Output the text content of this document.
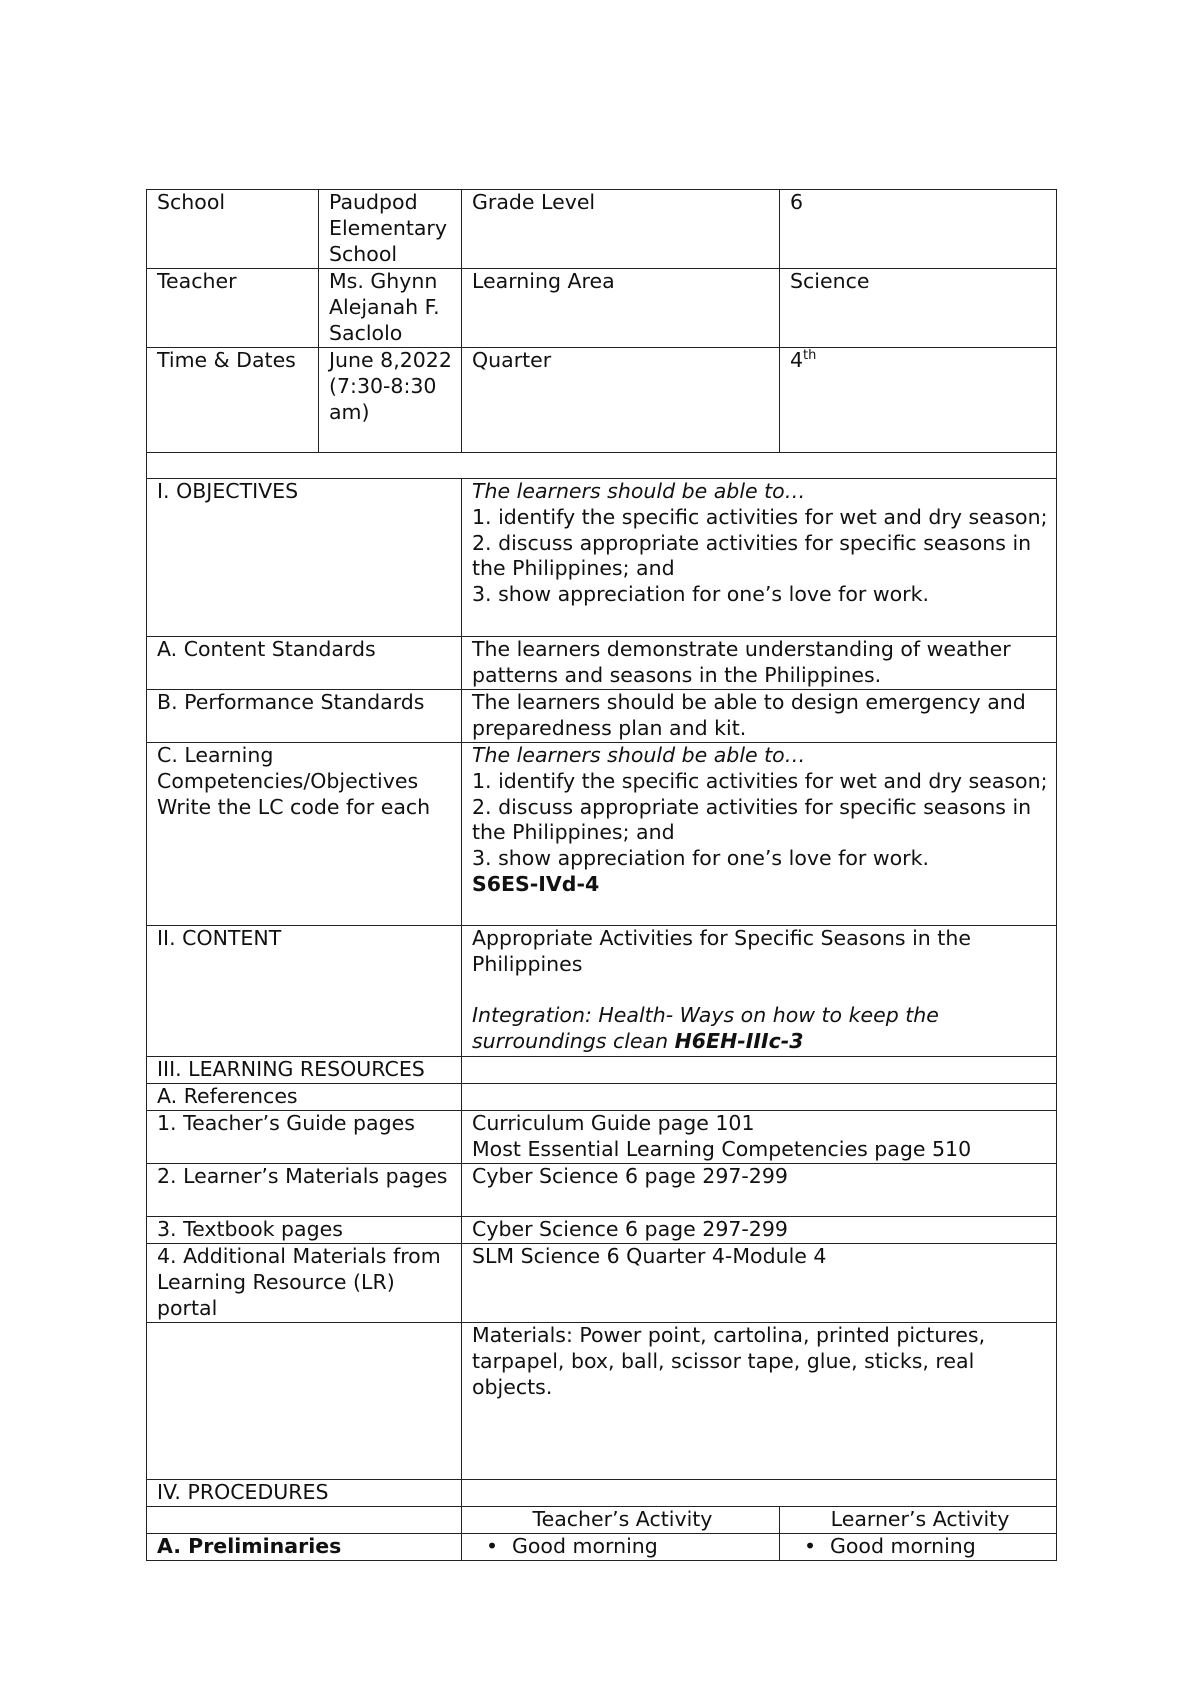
School	Paudpod Elementary School	Grade Level	6
Teacher	Ms. Ghynn Alejanah F. Saclolo	Learning Area	Science
Time & Dates	June 8,2022 (7:30-8:30 am)	Quarter	4th

I. OBJECTIVES		The learners should be able to…
1. identify the specific activities for wet and dry season;
2. discuss appropriate activities for specific seasons in the Philippines; and
3. show appreciation for one’s love for work.	

A. Content Standards		The learners demonstrate understanding of weather patterns and seasons in the Philippines.	
B. Performance Standards		The learners should be able to design emergency and preparedness plan and kit.	
C. Learning Competencies/Objectives Write the LC code for each		The learners should be able to…
1. identify the specific activities for wet and dry season;
2. discuss appropriate activities for specific seasons in the Philippines; and
3. show appreciation for one’s love for work.
S6ES-IVd-4	

II. CONTENT		Appropriate Activities for Specific Seasons in the Philippines
Integration: Health- Ways on how to keep the surroundings clean H6EH-IIIc-3	
III. LEARNING RESOURCES			
A. References			
1. Teacher’s Guide pages		Curriculum Guide page 101
Most Essential Learning Competencies page 510	

2. Learner’s Materials pages		Cyber Science 6 page 297-299	
3. Textbook pages		Cyber Science 6 page 297-299	
4. Additional Materials from Learning Resource (LR) portal		SLM Science 6 Quarter 4-Module 4	
		Materials: Power point, cartolina, printed pictures, tarpapel, box, ball, scissor tape, glue, sticks, real objects.	
IV. PROCEDURES			
		Teacher’s Activity	Learner’s Activity
A. Preliminaries		• Good morning	• Good morning
